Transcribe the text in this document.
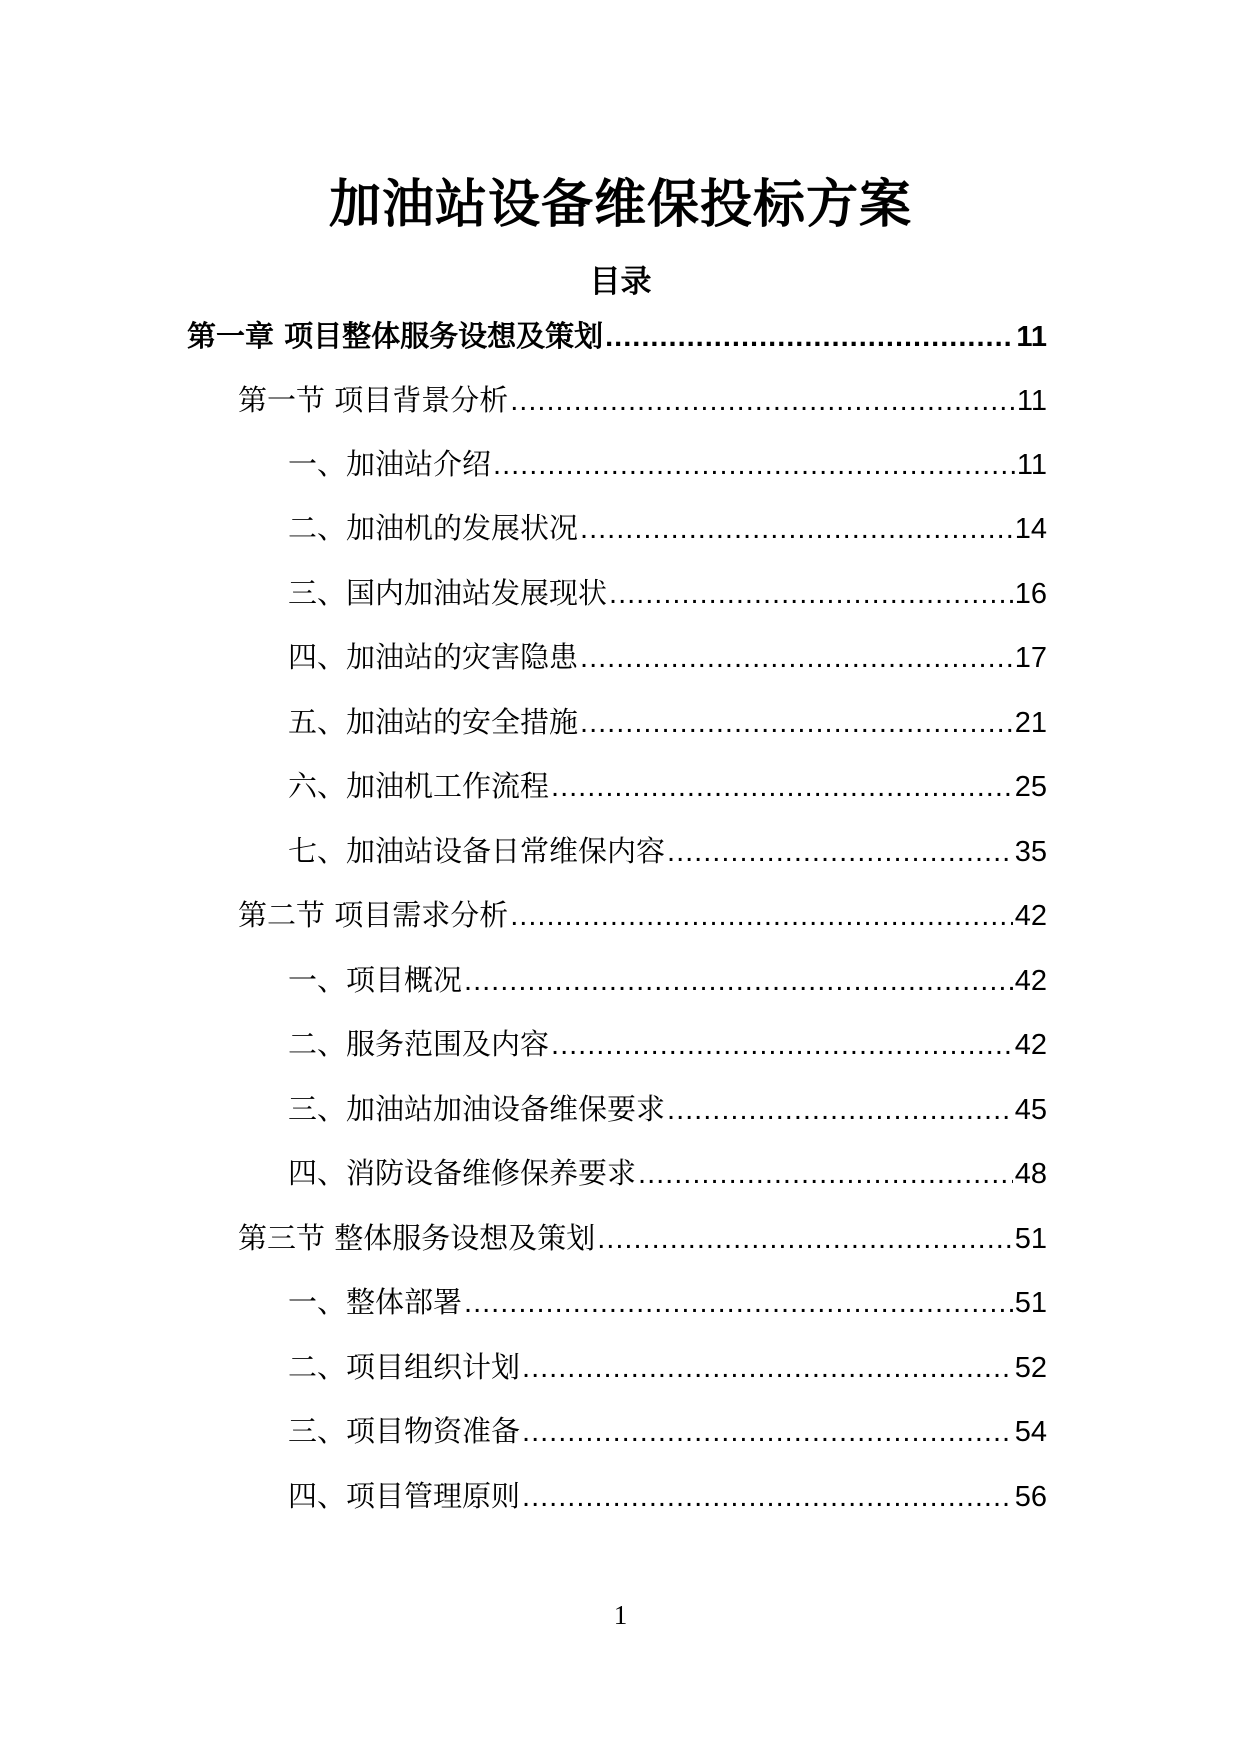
加油站设备维保投标方案
目录
第一章 项目整体服务设想及策划 .....	11
第一节 项目背景分析 .....	11
一、加油站介绍 .....	11
二、加油机的发展状况 .....	14
三、国内加油站发展现状 .....	16
四、加油站的灾害隐患 .....	17
五、加油站的安全措施 .....	21
六、加油机工作流程 .....	25
七、加油站设备日常维保内容 .....	35
第二节 项目需求分析 .....	42
一、项目概况 .....	42
二、服务范围及内容 .....	42
三、加油站加油设备维保要求 .....	45
四、消防设备维修保养要求 .....	48
第三节 整体服务设想及策划 .....	51
一、整体部署 .....	51
二、项目组织计划 .....	52
三、项目物资准备 .....	54
四、项目管理原则 .....	56
1
